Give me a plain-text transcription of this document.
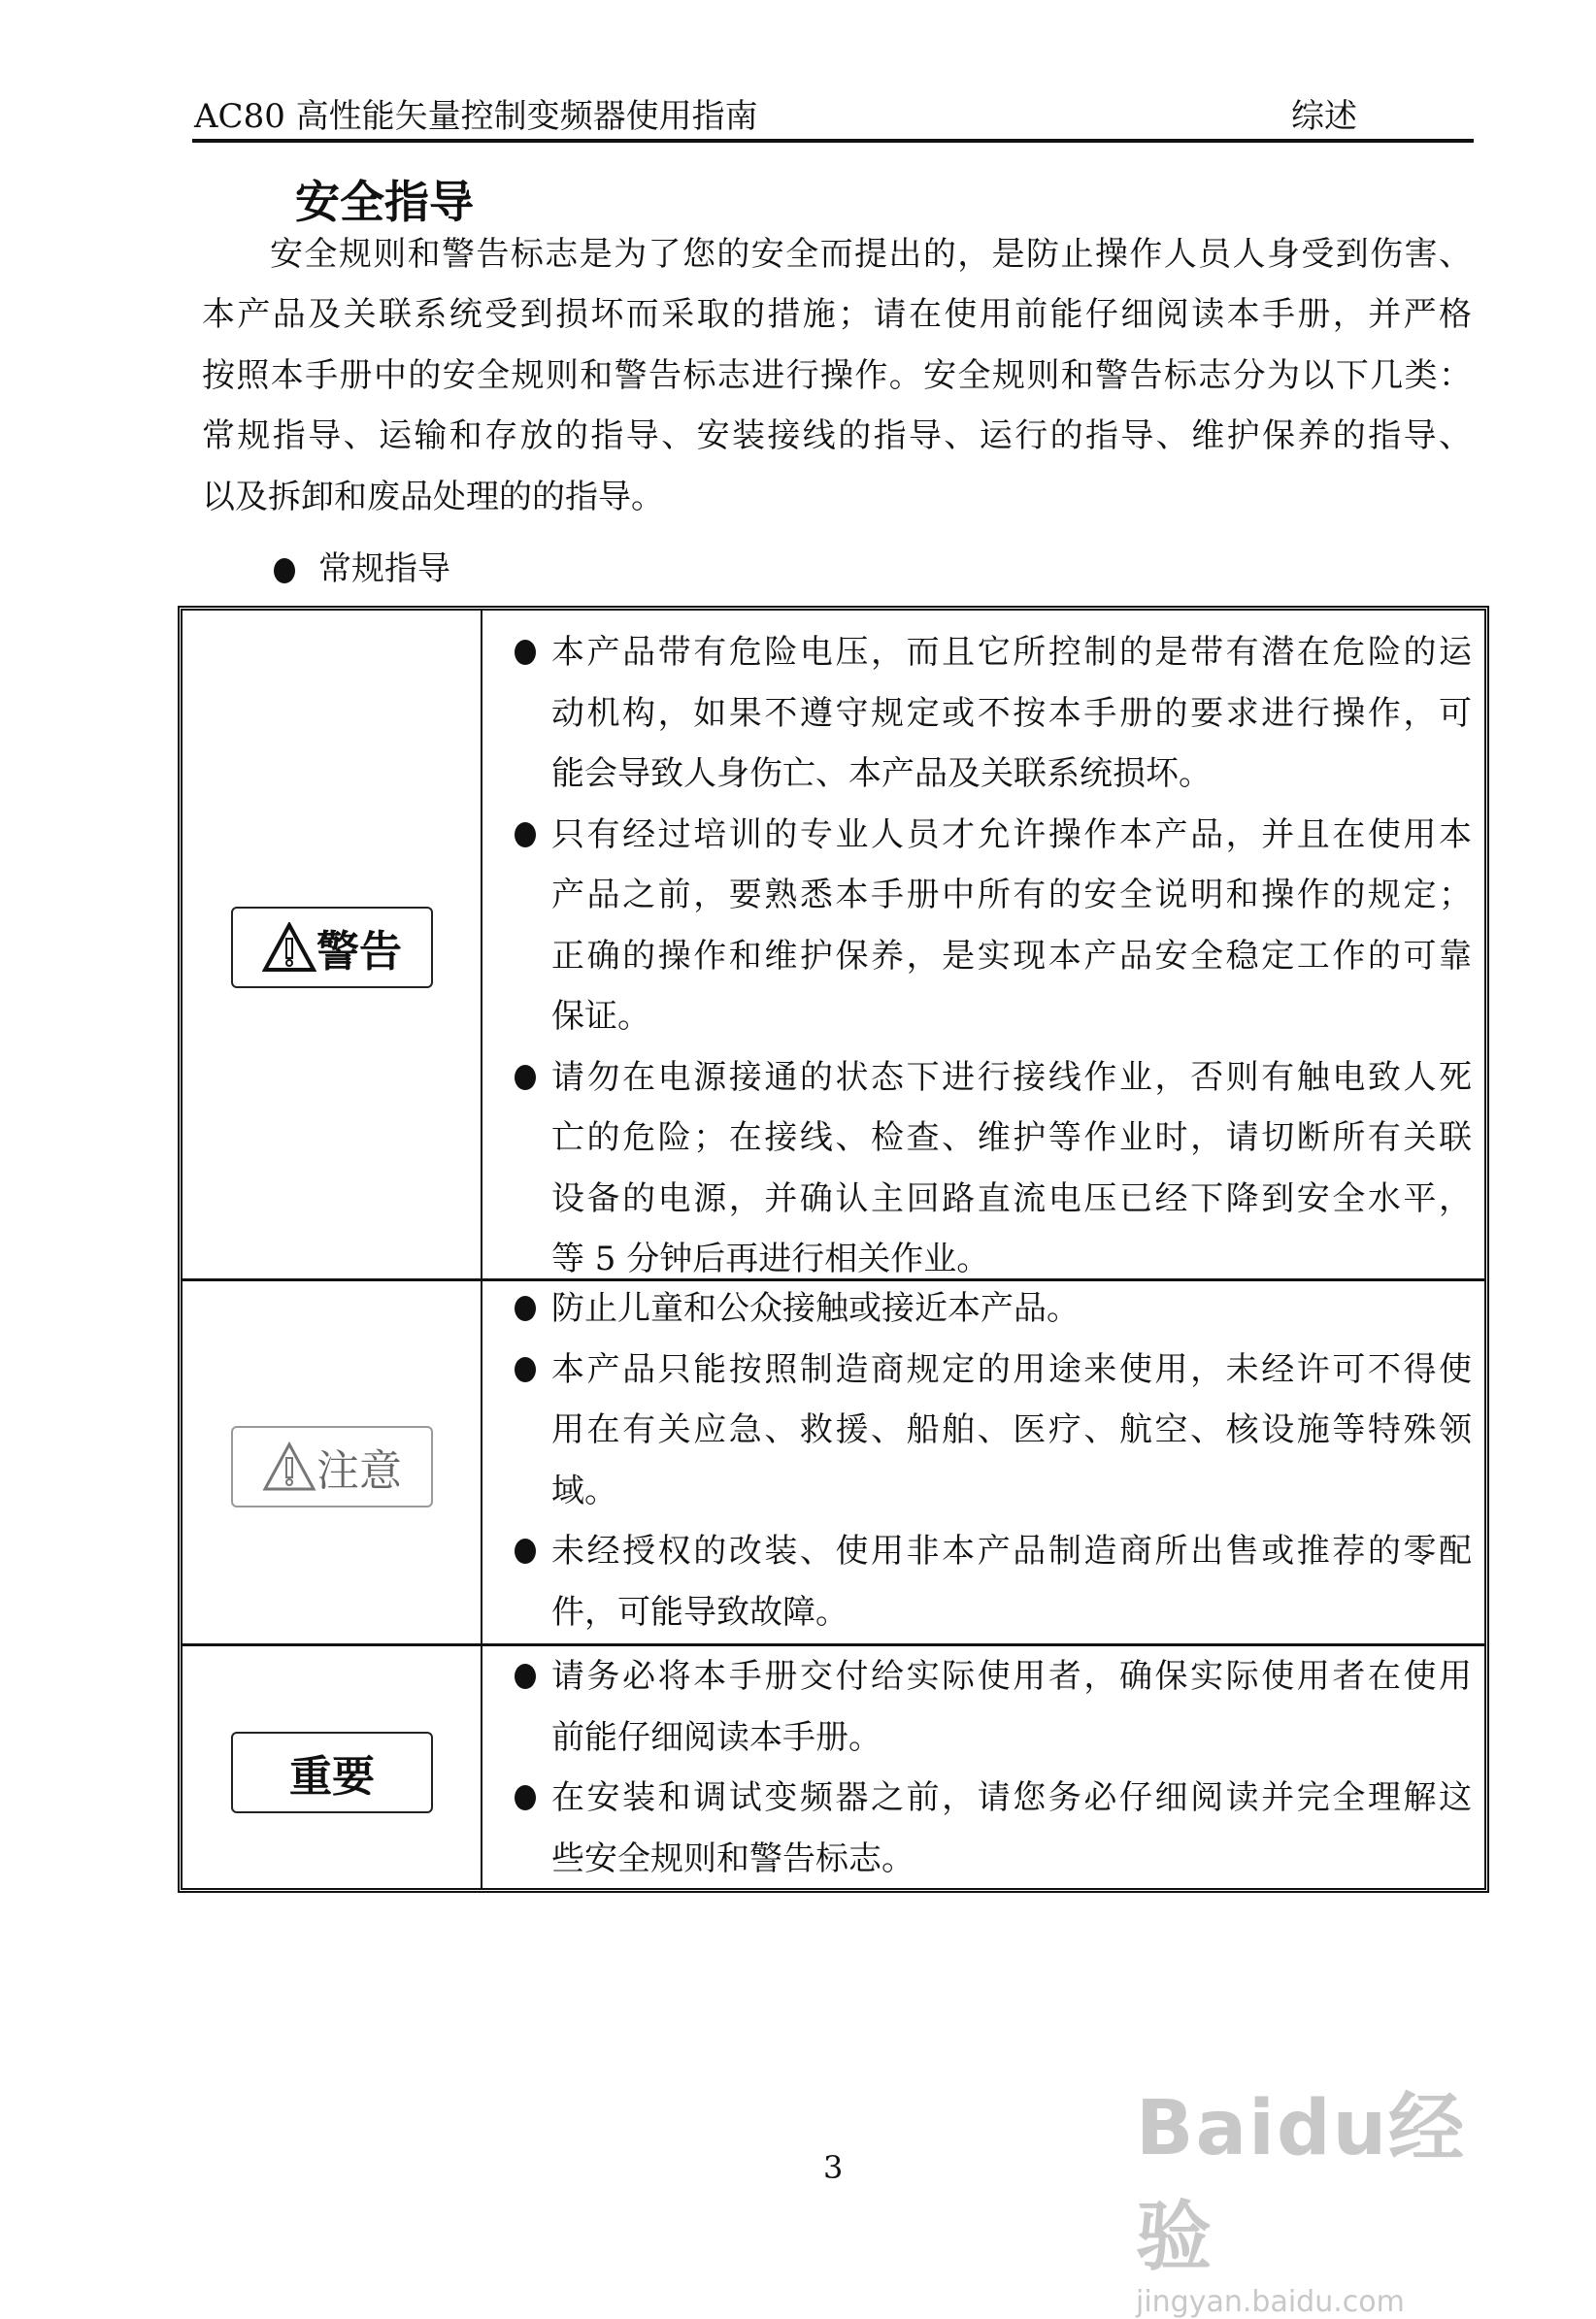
AC80 高性能矢量控制变频器使用指南	综述
安全指导
安全规则和警告标志是为了您的安全而提出的，是防止操作人员人身受到伤害、
本产品及关联系统受到损坏而采取的措施；请在使用前能仔细阅读本手册，并严格
按照本手册中的安全规则和警告标志进行操作。安全规则和警告标志分为以下几类：
常规指导、运输和存放的指导、安装接线的指导、运行的指导、维护保养的指导、
以及拆卸和废品处理的的指导。
常规指导
警告
注意
重要
本产品带有危险电压，而且它所控制的是带有潜在危险的运
动机构，如果不遵守规定或不按本手册的要求进行操作，可
能会导致人身伤亡、本产品及关联系统损坏。
只有经过培训的专业人员才允许操作本产品，并且在使用本
产品之前，要熟悉本手册中所有的安全说明和操作的规定；
正确的操作和维护保养，是实现本产品安全稳定工作的可靠
保证。
请勿在电源接通的状态下进行接线作业，否则有触电致人死
亡的危险；在接线、检查、维护等作业时，请切断所有关联
设备的电源，并确认主回路直流电压已经下降到安全水平，
等 5 分钟后再进行相关作业。
防止儿童和公众接触或接近本产品。
本产品只能按照制造商规定的用途来使用，未经许可不得使
用在有关应急、救援、船舶、医疗、航空、核设施等特殊领
域。
未经授权的改装、使用非本产品制造商所出售或推荐的零配
件，可能导致故障。
请务必将本手册交付给实际使用者，确保实际使用者在使用
前能仔细阅读本手册。
在安装和调试变频器之前，请您务必仔细阅读并完全理解这
些安全规则和警告标志。
3	Baidu经验
jingyan.baidu.com
